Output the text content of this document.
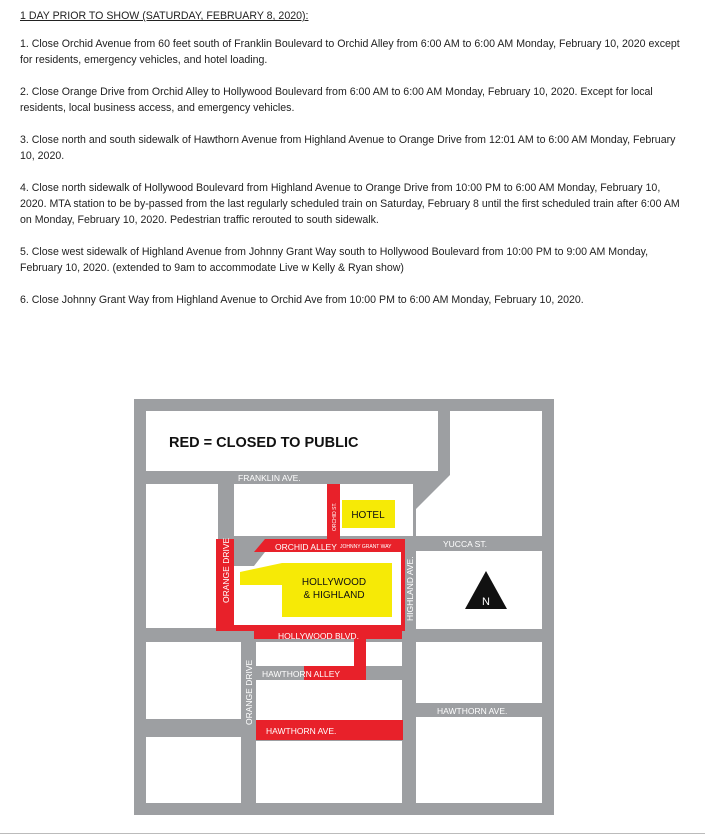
1 DAY PRIOR TO SHOW (SATURDAY, FEBRUARY 8, 2020):

1. Close Orchid Avenue from 60 feet south of Franklin Boulevard to Orchid Alley from 6:00 AM to 6:00 AM Monday, February 10, 2020 except for residents, emergency vehicles, and hotel loading.

2. Close Orange Drive from Orchid Alley to Hollywood Boulevard from 6:00 AM to 6:00 AM Monday, February 10, 2020. Except for local residents, local business access, and emergency vehicles.

3. Close north and south sidewalk of Hawthorn Avenue from Highland Avenue to Orange Drive from 12:01 AM to 6:00 AM Monday, February 10, 2020.

4. Close north sidewalk of Hollywood Boulevard from Highland Avenue to Orange Drive from 10:00 PM to 6:00 AM Monday, February 10, 2020. MTA station to be by-passed from the last regularly scheduled train on Saturday, February 8 until the first scheduled train after 6:00 AM on Monday, February 10, 2020. Pedestrian traffic rerouted to south sidewalk.

5. Close west sidewalk of Highland Avenue from Johnny Grant Way south to Hollywood Boulevard from 10:00 PM to 9:00 AM Monday, February 10, 2020. (extended to 9am to accommodate Live w Kelly & Ryan show)

6. Close Johnny Grant Way from Highland Avenue to Orchid Ave from 10:00 PM to 6:00 AM Monday, February 10, 2020.

RED = CLOSED TO PUBLIC
HOTEL
HOLLYWOOD
& HIGHLAND
N
FRANKLIN AVE.
ORCHID ST.
ORCHID ALLEY JOHNNY GRANT WAY	YUCCA ST.
ORANGE DRIVE	HIGHLAND AVE.
HOLLYWOOD BLVD.
ORANGE DRIVE HAWTHORN ALLEY
HAWTHORN AVE.
HAWTHORN AVE.
